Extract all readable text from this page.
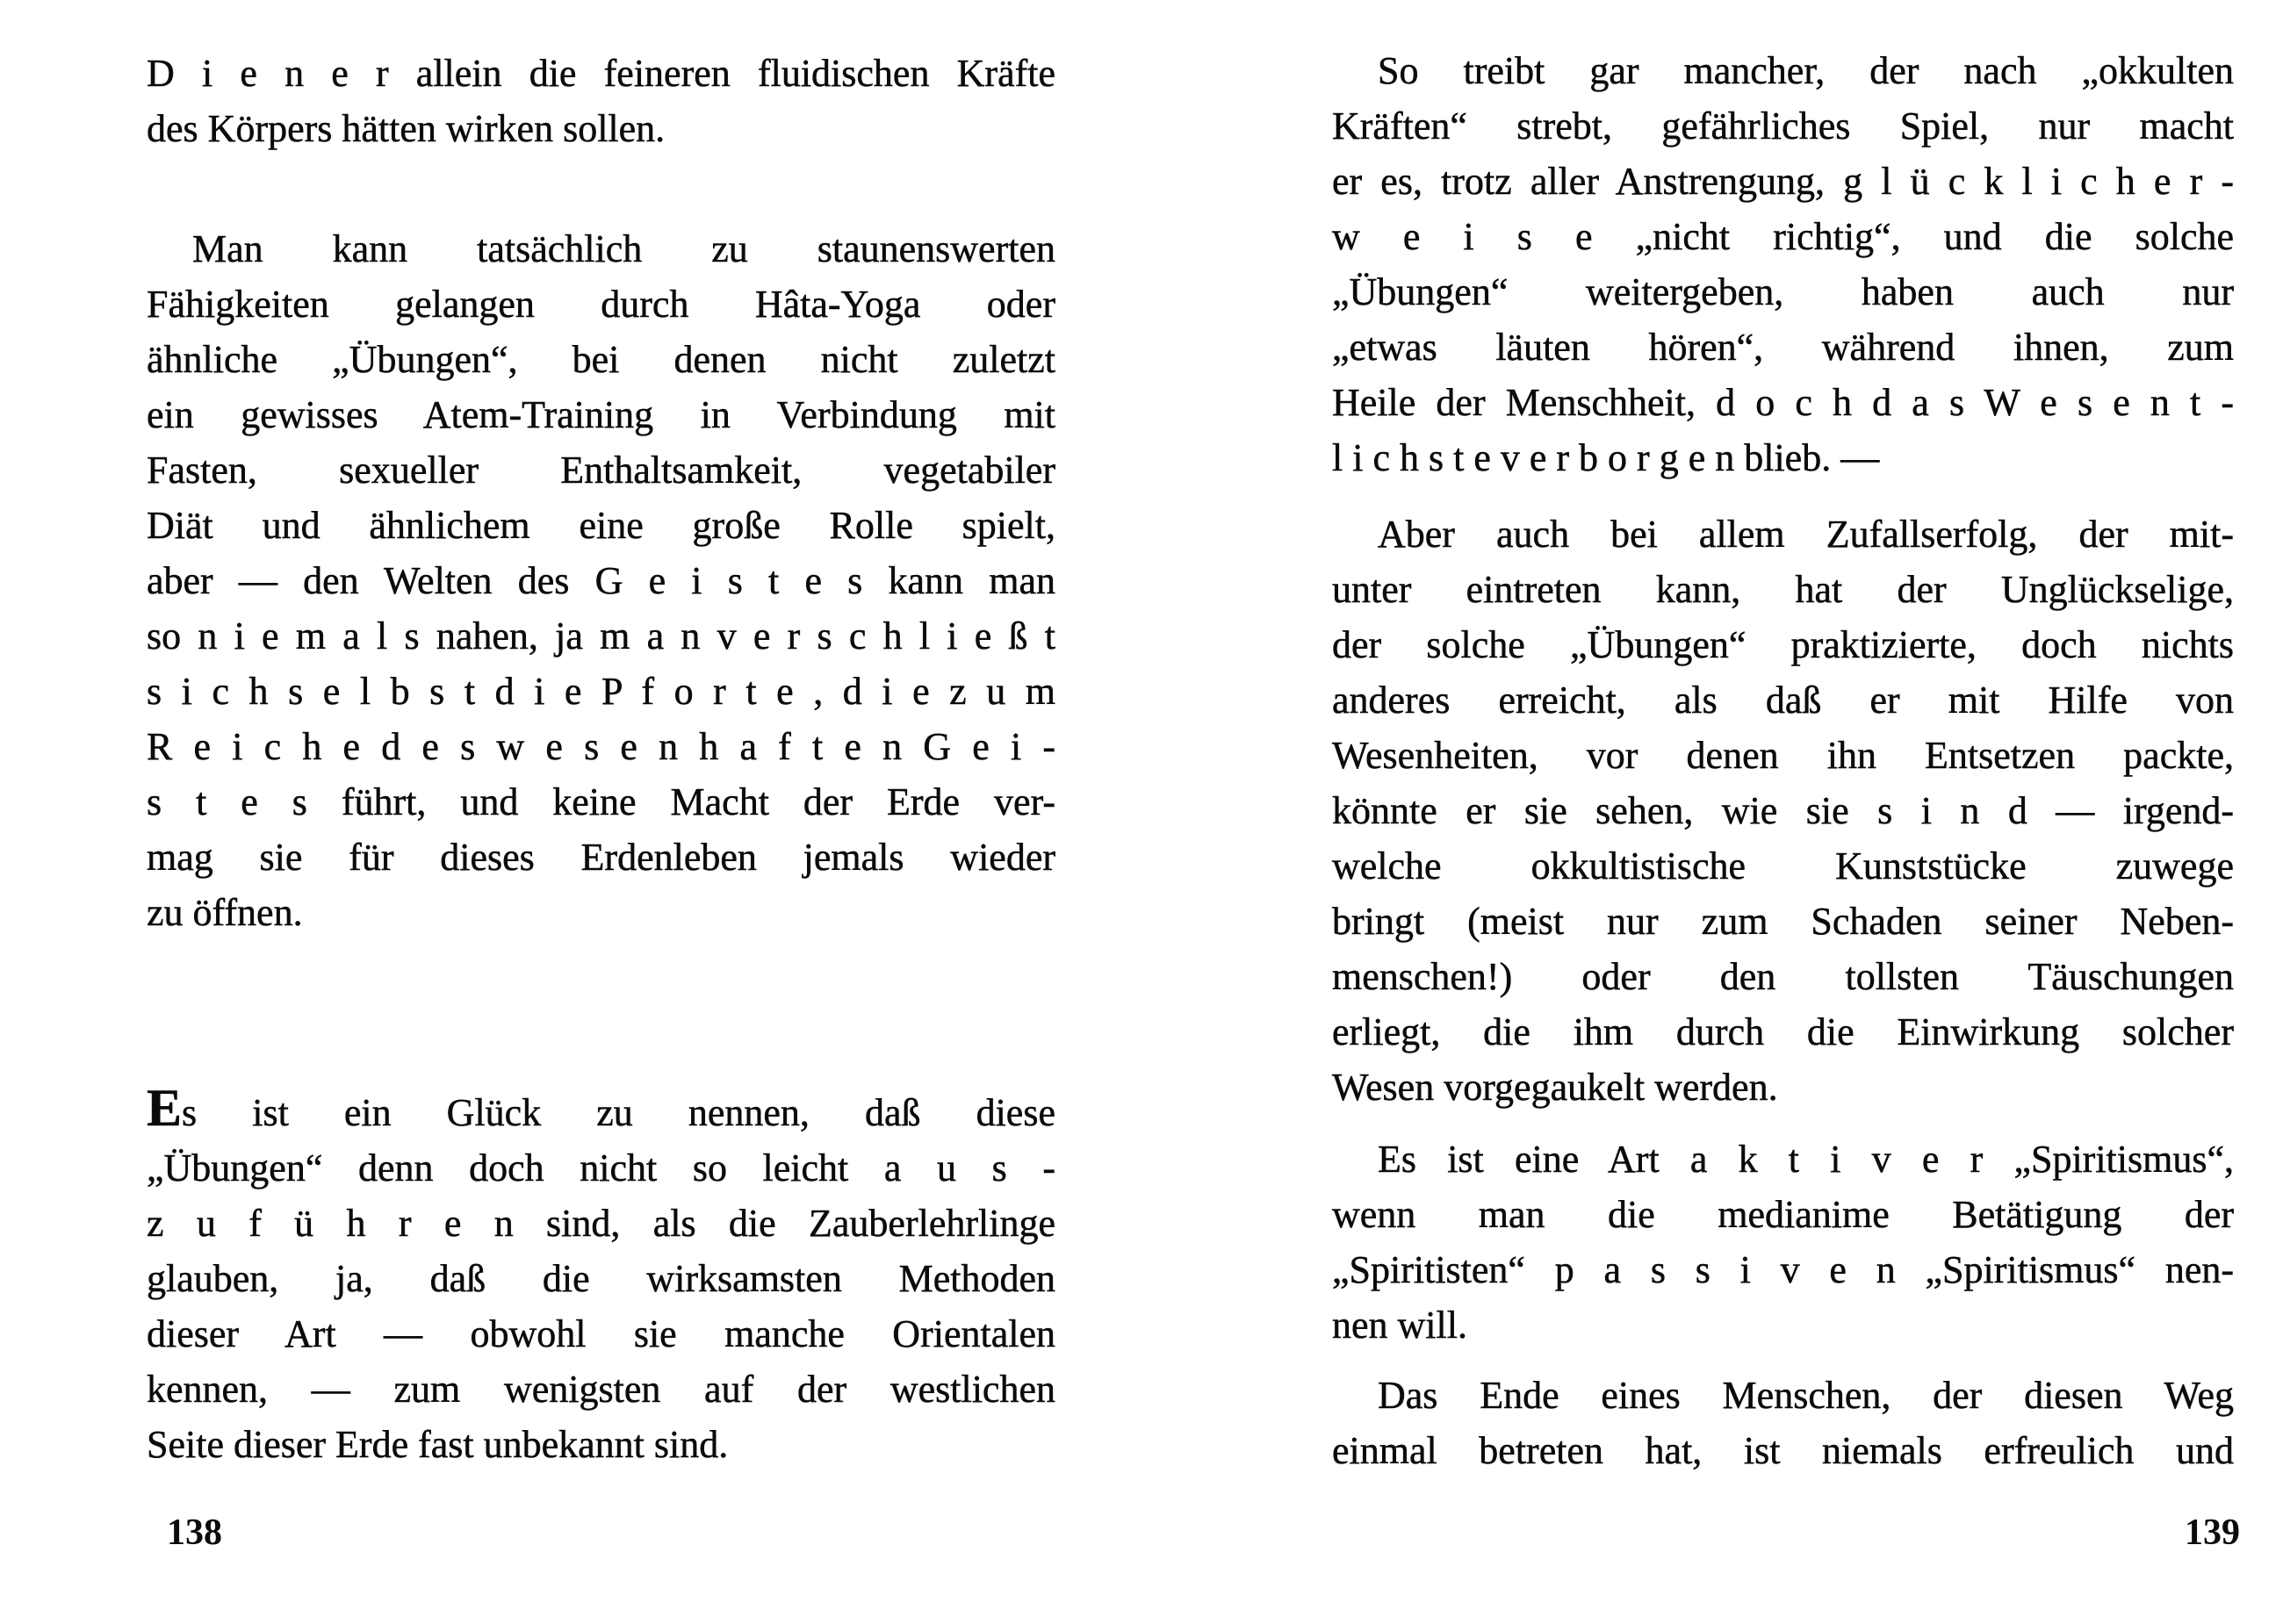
D i e n e r allein die feineren fluidischen Kräfte
des Körpers hätten wirken sollen.
Man kann tatsächlich zu staunenswerten
Fähigkeiten gelangen durch Hâta-Yoga oder
ähnliche „Übungen“, bei denen nicht zuletzt
ein gewisses Atem-Training in Verbindung mit
Fasten, sexueller Enthaltsamkeit, vegetabiler
Diät und ähnlichem eine große Rolle spielt,
aber — den Welten des G e i s t e s kann man
so n i e m a l s nahen, ja m a n v e r s c h l i e ß t
s i c h s e l b s t d i e P f o r t e , d i e z u m
R e i c h e d e s w e s e n h a f t e n G e i -
s t e s führt, und keine Macht der Erde ver-
mag sie für dieses Erdenleben jemals wieder
zu öffnen.
Es ist ein Glück zu nennen, daß diese
„Übungen“ denn doch nicht so leicht a u s -
z u f ü h r e n sind, als die Zauberlehrlinge
glauben, ja, daß die wirksamsten Methoden
dieser Art — obwohl sie manche Orientalen
kennen, — zum wenigsten auf der westlichen
Seite dieser Erde fast unbekannt sind.
So treibt gar mancher, der nach „okkulten
Kräften“ strebt, gefährliches Spiel, nur macht
er es, trotz aller Anstrengung, g l ü c k l i c h e r -
w e i s e „nicht richtig“, und die solche
„Übungen“ weitergeben, haben auch nur
„etwas läuten hören“, während ihnen, zum
Heile der Menschheit, d o c h d a s W e s e n t -
l i c h s t e v e r b o r g e n blieb. —
Aber auch bei allem Zufallserfolg, der mit-
unter eintreten kann, hat der Unglückselige,
der solche „Übungen“ praktizierte, doch nichts
anderes erreicht, als daß er mit Hilfe von
Wesenheiten, vor denen ihn Entsetzen packte,
könnte er sie sehen, wie sie s i n d — irgend-
welche okkultistische Kunststücke zuwege
bringt (meist nur zum Schaden seiner Neben-
menschen!) oder den tollsten Täuschungen
erliegt, die ihm durch die Einwirkung solcher
Wesen vorgegaukelt werden.
Es ist eine Art a k t i v e r „Spiritismus“,
wenn man die medianime Betätigung der
„Spiritisten“ p a s s i v e n „Spiritismus“ nen-
nen will.
Das Ende eines Menschen, der diesen Weg
einmal betreten hat, ist niemals erfreulich und
138	139
